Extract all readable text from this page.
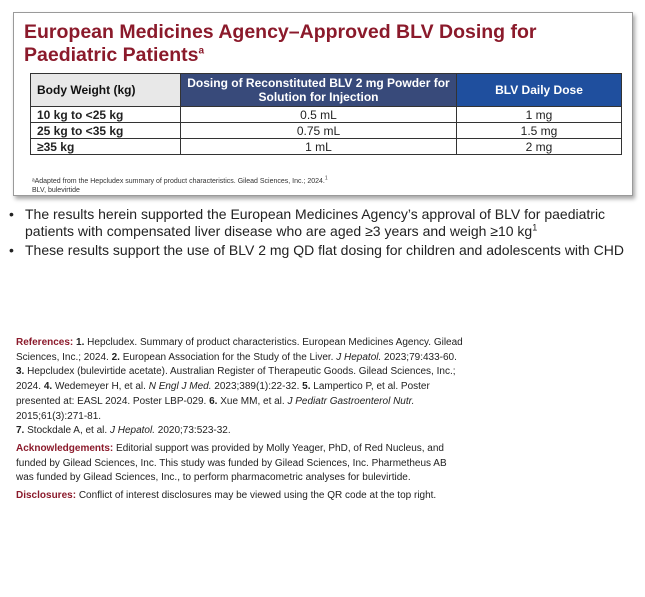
European Medicines Agency–Approved BLV Dosing for Paediatric Patients$^a$
Body Weight (kg)	Dosing of Reconstituted BLV 2 mg Powder for Solution for Injection	BLV Daily Dose
10 kg to <25 kg	0.5 mL	1 mg
25 kg to <35 kg	0.75 mL	1.5 mg
≥35 kg	1 mL	2 mg
ᵃAdapted from the Hepcludex summary of product characteristics. Gilead Sciences, Inc.; 2024.$^1$
BLV, bulevirtide
• The results herein supported the European Medicines Agency’s approval of BLV for paediatric patients with compensated liver disease who are aged ≥3 years and weigh ≥10 $kg^1$
• These results support the use of BLV 2 mg QD flat dosing for children and adolescents with CHD

References: 1. Hepcludex. Summary of product characteristics. European Medicines Agency. Gilead Sciences, Inc.; 2024. 2. European Association for the Study of the Liver. J Hepatol. 2023;79:433-60. 3. Hepcludex (bulevirtide acetate). Australian Register of Therapeutic Goods. Gilead Sciences, Inc.; 2024. 4. Wedemeyer H, et al. N Engl J Med. 2023;389(1):22-32. 5. Lampertico P, et al. Poster presented at: EASL 2024. Poster LBP-029. 6. Xue MM, et al. J Pediatr Gastroenterol Nutr. 2015;61(3):271-81.
7. Stockdale A, et al. J Hepatol. 2020;73:523-32.

Acknowledgements: Editorial support was provided by Molly Yeager, PhD, of Red Nucleus, and funded by Gilead Sciences, Inc. This study was funded by Gilead Sciences, Inc. Pharmetheus AB was funded by Gilead Sciences, Inc., to perform pharmacometric analyses for bulevirtide.

Disclosures: Conflict of interest disclosures may be viewed using the QR code at the top right.
